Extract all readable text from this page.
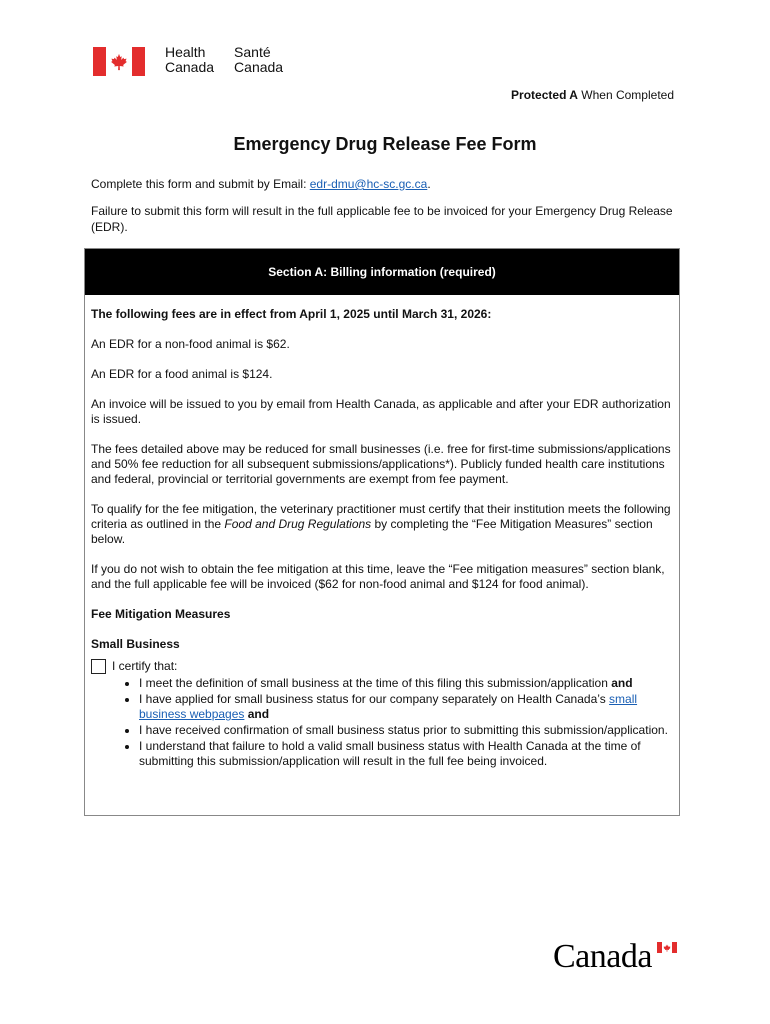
Health
Canada
Santé
Canada
Protected A When Completed
Emergency Drug Release Fee Form
Complete this form and submit by Email: edr-dmu@hc-sc.gc.ca.
Failure to submit this form will result in the full applicable fee to be invoiced for your Emergency Drug Release (EDR).
Section A: Billing information (required)

The following fees are in effect from April 1, 2025 until March 31, 2026:

An EDR for a non-food animal is $62.

An EDR for a food animal is $124.

An invoice will be issued to you by email from Health Canada, as applicable and after your EDR authorization is issued.

The fees detailed above may be reduced for small businesses (i.e. free for first-time submissions/applications and 50% fee reduction for all subsequent submissions/applications*). Publicly funded health care institutions and federal, provincial or territorial governments are exempt from fee payment.

To qualify for the fee mitigation, the veterinary practitioner must certify that their institution meets the following criteria as outlined in the Food and Drug Regulations by completing the “Fee Mitigation Measures” section below.

If you do not wish to obtain the fee mitigation at this time, leave the “Fee mitigation measures” section blank, and the full applicable fee will be invoiced ($62 for non-food animal and $124 for food animal).

Fee Mitigation Measures

Small Business

I certify that:
• I meet the definition of small business at the time of this filing this submission/application and
• I have applied for small business status for our company separately on Health Canada’s small business webpages and
• I have received confirmation of small business status prior to submitting this submission/application.
• I understand that failure to hold a valid small business status with Health Canada at the time of submitting this submission/application will result in the full fee being invoiced.
Canada
